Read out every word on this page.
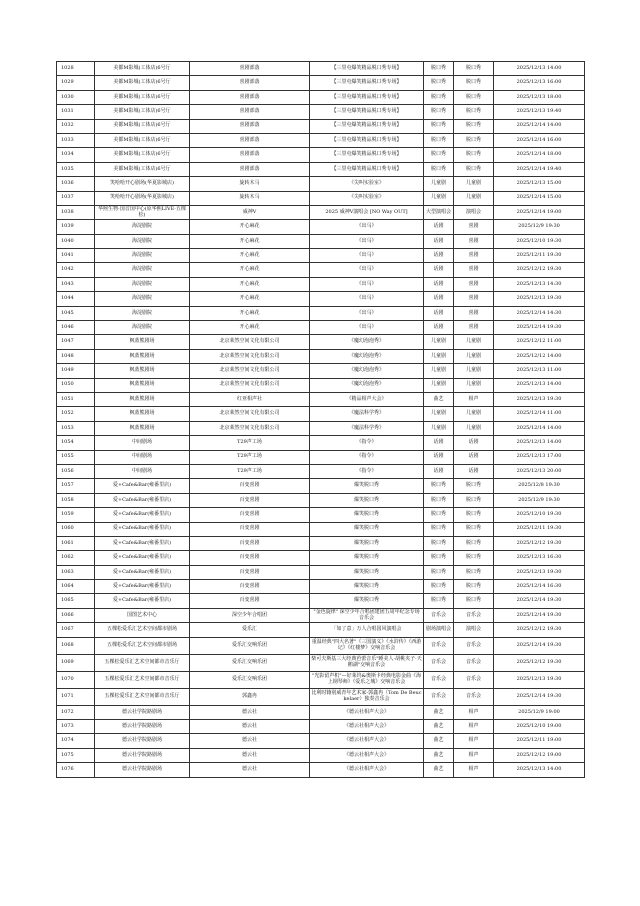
1028	美都M影城(工体店)6号厅	喜剧部落	【三里屯爆笑精品脱口秀专场】	脱口秀	脱口秀	2025/12/13 14:00
1029	美都M影城(工体店)6号厅	喜剧部落	【三里屯爆笑精品脱口秀专场】	脱口秀	脱口秀	2025/12/13 16:00
1030	美都M影城(工体店)6号厅	喜剧部落	【三里屯爆笑精品脱口秀专场】	脱口秀	脱口秀	2025/12/13 18:00
1031	美都M影城(工体店)6号厅	喜剧部落	【三里屯爆笑精品脱口秀专场】	脱口秀	脱口秀	2025/12/13 19:40
1032	美都M影城(工体店)6号厅	喜剧部落	【三里屯爆笑精品脱口秀专场】	脱口秀	脱口秀	2025/12/14 14:00
1033	美都M影城(工体店)6号厅	喜剧部落	【三里屯爆笑精品脱口秀专场】	脱口秀	脱口秀	2025/12/14 16:00
1034	美都M影城(工体店)6号厅	喜剧部落	【三里屯爆笑精品脱口秀专场】	脱口秀	脱口秀	2025/12/14 18:00
1035	美都M影城(工体店)6号厅	喜剧部落	【三里屯爆笑精品脱口秀专场】	脱口秀	脱口秀	2025/12/14 19:40
1036	笑哈哈开心剧场(华夏影城店)	旋转木马	《尖叫实验室》	儿童剧	儿童剧	2025/12/13 15:00
1037	笑哈哈开心剧场(华夏影城店)	旋转木马	《尖叫实验室》	儿童剧	儿童剧	2025/12/14 15:00
1038	华熙生物·国音国中心(原华熙LIVE·五棵松)	威神V	2025 威神V演唱会 [NO Way OUT]	大型演唱会	演唱会	2025/12/14 19:00
1039	海淀剧院	开心麻花	《出马》	话剧	喜剧	2025/12/9 19:30
1040	海淀剧院	开心麻花	《出马》	话剧	喜剧	2025/12/10 19:30
1041	海淀剧院	开心麻花	《出马》	话剧	喜剧	2025/12/11 19:30
1042	海淀剧院	开心麻花	《出马》	话剧	喜剧	2025/12/12 19:30
1043	海淀剧院	开心麻花	《出马》	话剧	喜剧	2025/12/13 14:30
1044	海淀剧院	开心麻花	《出马》	话剧	喜剧	2025/12/13 19:30
1045	海淀剧院	开心麻花	《出马》	话剧	喜剧	2025/12/14 14:30
1046	海淀剧院	开心麻花	《出马》	话剧	喜剧	2025/12/14 19:30
1047	枫蓝熊剧场	北京莱然空间文化有限公司	《魔幻泡泡秀》	儿童剧	儿童剧	2025/12/12 11:00
1048	枫蓝熊剧场	北京莱然空间文化有限公司	《魔幻泡泡秀》	儿童剧	儿童剧	2025/12/12 14:00
1049	枫蓝熊剧场	北京莱然空间文化有限公司	《魔幻泡泡秀》	儿童剧	儿童剧	2025/12/13 11:00
1050	枫蓝熊剧场	北京莱然空间文化有限公司	《魔幻泡泡秀》	儿童剧	儿童剧	2025/12/13 14:00
1051	枫蓝熊剧场	红亚相声社	《精品相声大会》	曲艺	相声	2025/12/13 19:30
1052	枫蓝熊剧场	北京莱然空间文化有限公司	《魔法科学秀》	儿童剧	儿童剧	2025/12/14 11:00
1053	枫蓝熊剧场	北京莱然空间文化有限公司	《魔法科学秀》	儿童剧	儿童剧	2025/12/14 14:00
1054	中间剧场	T29声工场	《指令》	话剧	话剧	2025/12/13 14:00
1055	中间剧场	T29声工场	《指令》	话剧	话剧	2025/12/13 17:00
1056	中间剧场	T29声工场	《指令》	话剧	话剧	2025/12/13 20:00
1057	爱+Cafe&Bar(雍番里店)	百变喜剧	爆笑脱口秀	脱口秀	脱口秀	2025/12/8 19:30
1058	爱+Cafe&Bar(雍番里店)	百变喜剧	爆笑脱口秀	脱口秀	脱口秀	2025/12/9 19:30
1059	爱+Cafe&Bar(雍番里店)	百变喜剧	爆笑脱口秀	脱口秀	脱口秀	2025/12/10 19:30
1060	爱+Cafe&Bar(雍番里店)	百变喜剧	爆笑脱口秀	脱口秀	脱口秀	2025/12/11 19:30
1061	爱+Cafe&Bar(雍番里店)	百变喜剧	爆笑脱口秀	脱口秀	脱口秀	2025/12/12 19:30
1062	爱+Cafe&Bar(雍番里店)	百变喜剧	爆笑脱口秀	脱口秀	脱口秀	2025/12/13 16:30
1063	爱+Cafe&Bar(雍番里店)	百变喜剧	爆笑脱口秀	脱口秀	脱口秀	2025/12/13 19:30
1064	爱+Cafe&Bar(雍番里店)	百变喜剧	爆笑脱口秀	脱口秀	脱口秀	2025/12/14 16:30
1065	爱+Cafe&Bar(雍番里店)	百变喜剧	爆笑脱口秀	脱口秀	脱口秀	2025/12/14 19:30
1066	国图艺术中心	深空少年合唱团	"金色旋律" 深空少年合唱团建团五周年纪念专场音乐会	音乐会	音乐会	2025/12/14 19:30
1067	五棵松爱乐汇艺术空间都市剧场	爱乐汇	「如了意」万人合唱国风演唱会	剧场演唱会	演唱会	2025/12/12 19:30
1068	五棵松爱乐汇艺术空间都市剧场	爱乐汇交响乐团	重温经典"四大名著"《三国演义》《水浒传》《西游记》《红楼梦》交响音乐会	音乐会	音乐会	2025/12/14 19:30
1069	五棵松爱乐汇艺术空间都市音乐厅	爱乐汇交响乐团	柴可夫斯基三大经典芭蕾音乐"睡美人·胡桃夹子·天鹅湖"交响音乐会	音乐会	音乐会	2025/12/12 19:30
1070	五棵松爱乐汇艺术空间都市音乐厅	爱乐汇交响乐团	"光影留声机"—好莱坞&奥斯卡经典电影金曲《海上钢琴师》《爱乐之城》交响音乐会	音乐会	音乐会	2025/12/13 19:30
1071	五棵松爱乐汇艺术空间都市音乐厅	郭鑫冉	比利时籍别威青年艺术家-郭鑫冉（Tom De Beuckelaer）独奏音乐会	音乐会	音乐会	2025/12/14 19:30
1072	德云社学院路剧场	德云社	《德云社相声大会》	曲艺	相声	2025/12/9 19:00
1073	德云社学院路剧场	德云社	《德云社相声大会》	曲艺	相声	2025/12/10 19:00
1074	德云社学院路剧场	德云社	《德云社相声大会》	曲艺	相声	2025/12/11 19:00
1075	德云社学院路剧场	德云社	《德云社相声大会》	曲艺	相声	2025/12/12 19:00
1076	德云社学院路剧场	德云社	《德云社相声大会》	曲艺	相声	2025/12/13 14:00
